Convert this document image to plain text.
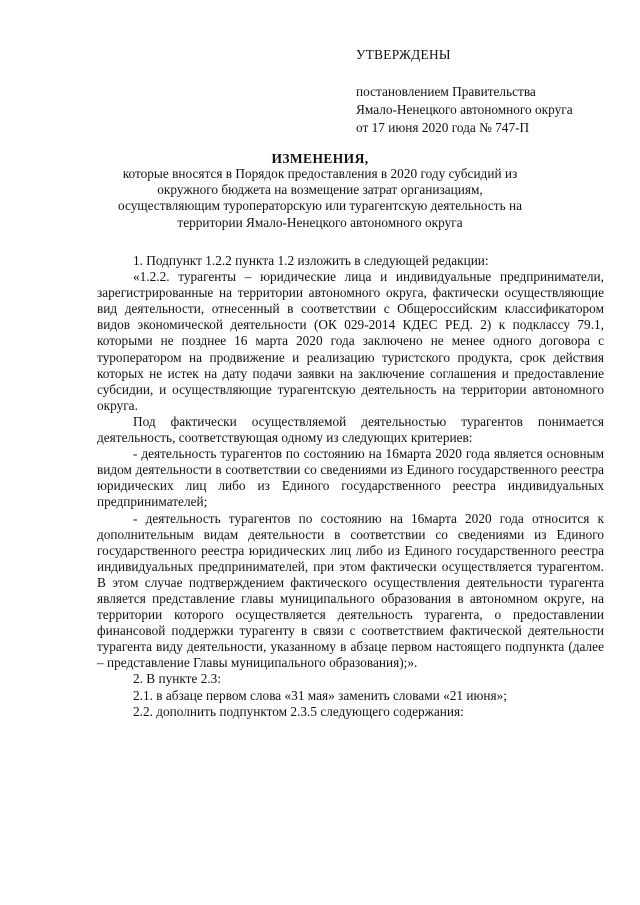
УТВЕРЖДЕНЫ
постановлением Правительства
Ямало-Ненецкого автономного округа
от 17 июня 2020 года № 747-П
ИЗМЕНЕНИЯ,
которые вносятся в Порядок предоставления в 2020 году субсидий из окружного бюджета на возмещение затрат организациям, осуществляющим туроператорскую или турагентскую деятельность на территории Ямало-Ненецкого автономного округа

1. Подпункт 1.2.2 пункта 1.2 изложить в следующей редакции:

«1.2.2. турагенты – юридические лица и индивидуальные предприниматели, зарегистрированные на территории автономного округа, фактически осуществляющие вид деятельности, отнесенный в соответствии с Общероссийским классификатором видов экономической деятельности (ОК 029-2014 КДЕС РЕД. 2) к подклассу 79.1, которыми не позднее 16 марта 2020 года заключено не менее одного договора с туроператором на продвижение и реализацию туристского продукта, срок действия которых не истек на дату подачи заявки на заключение соглашения и предоставление субсидии, и осуществляющие турагентскую деятельность на территории автономного округа.

Под фактически осуществляемой деятельностью турагентов понимается деятельность, соответствующая одному из следующих критериев:

- деятельность турагентов по состоянию на 16марта 2020 года является основным видом деятельности в соответствии со сведениями из Единого государственного реестра юридических лиц либо из Единого государственного реестра индивидуальных предпринимателей;

- деятельность турагентов по состоянию на 16марта 2020 года относится к дополнительным видам деятельности в соответствии со сведениями из Единого государственного реестра юридических лиц либо из Единого государственного реестра индивидуальных предпринимателей, при этом фактически осуществляется турагентом. В этом случае подтверждением фактического осуществления деятельности турагента является представление главы муниципального образования в автономном округе, на территории которого осуществляется деятельность турагента, о предоставлении финансовой поддержки турагенту в связи с соответствием фактической деятельности турагента виду деятельности, указанному в абзаце первом настоящего подпункта (далее – представление Главы муниципального образования);».

2. В пункте 2.3:

2.1. в абзаце первом слова «31 мая» заменить словами «21 июня»;

2.2. дополнить подпунктом 2.3.5 следующего содержания:
